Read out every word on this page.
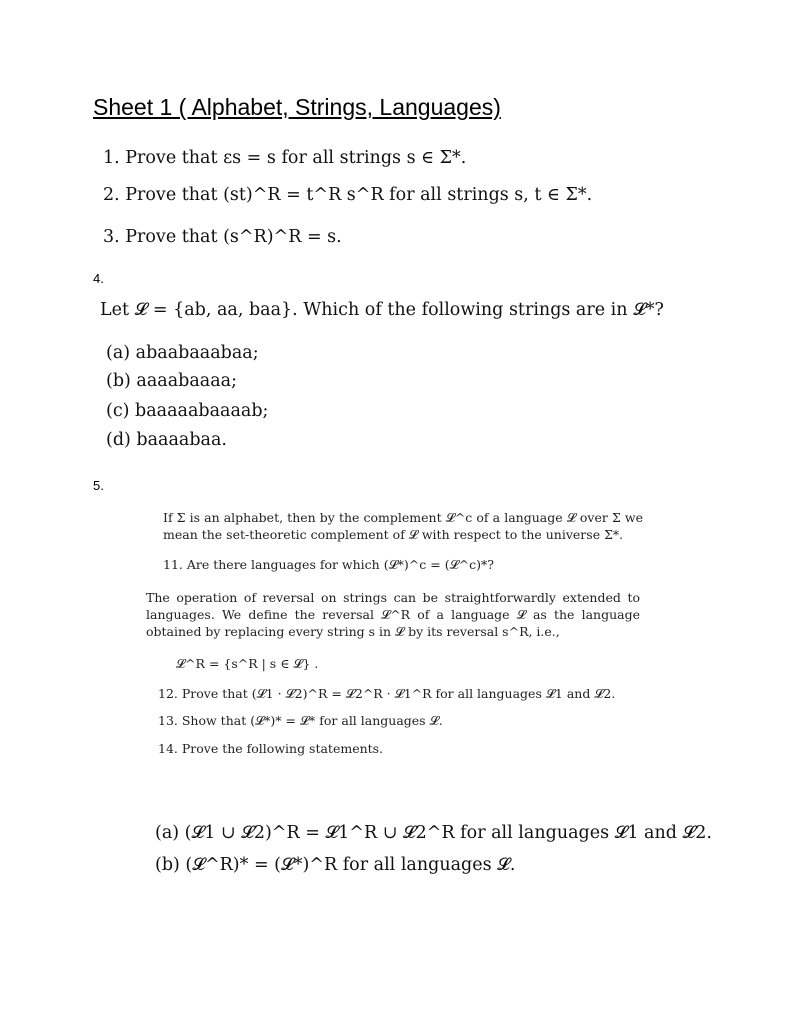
Sheet 1 ( Alphabet, Strings, Languages)
1. Prove that εs = s for all strings s ∈ Σ*.
2. Prove that (st)^R = t^R s^R for all strings s, t ∈ Σ*.
3. Prove that (s^R)^R = s.
4.
Let 𝓛 = {ab, aa, baa}. Which of the following strings are in 𝓛*?
(a) abaabaaabaa;
(b) aaaabaaaa;
(c) baaaaabaaaab;
(d) baaaabaa.
5.
If Σ is an alphabet, then by the complement 𝓛^c of a language 𝓛 over Σ we mean the set-theoretic complement of 𝓛 with respect to the universe Σ*.
11. Are there languages for which (𝓛*)^c = (𝓛^c)*?
The operation of reversal on strings can be straightforwardly extended to languages. We define the reversal 𝓛^R of a language 𝓛 as the language obtained by replacing every string s in 𝓛 by its reversal s^R, i.e.,
𝓛^R = {s^R | s ∈ 𝓛} .
12. Prove that (𝓛1 · 𝓛2)^R = 𝓛2^R · 𝓛1^R for all languages 𝓛1 and 𝓛2.
13. Show that (𝓛*)* = 𝓛* for all languages 𝓛.
14. Prove the following statements.
(a) (𝓛1 ∪ 𝓛2)^R = 𝓛1^R ∪ 𝓛2^R for all languages 𝓛1 and 𝓛2.
(b) (𝓛^R)* = (𝓛*)^R for all languages 𝓛.
